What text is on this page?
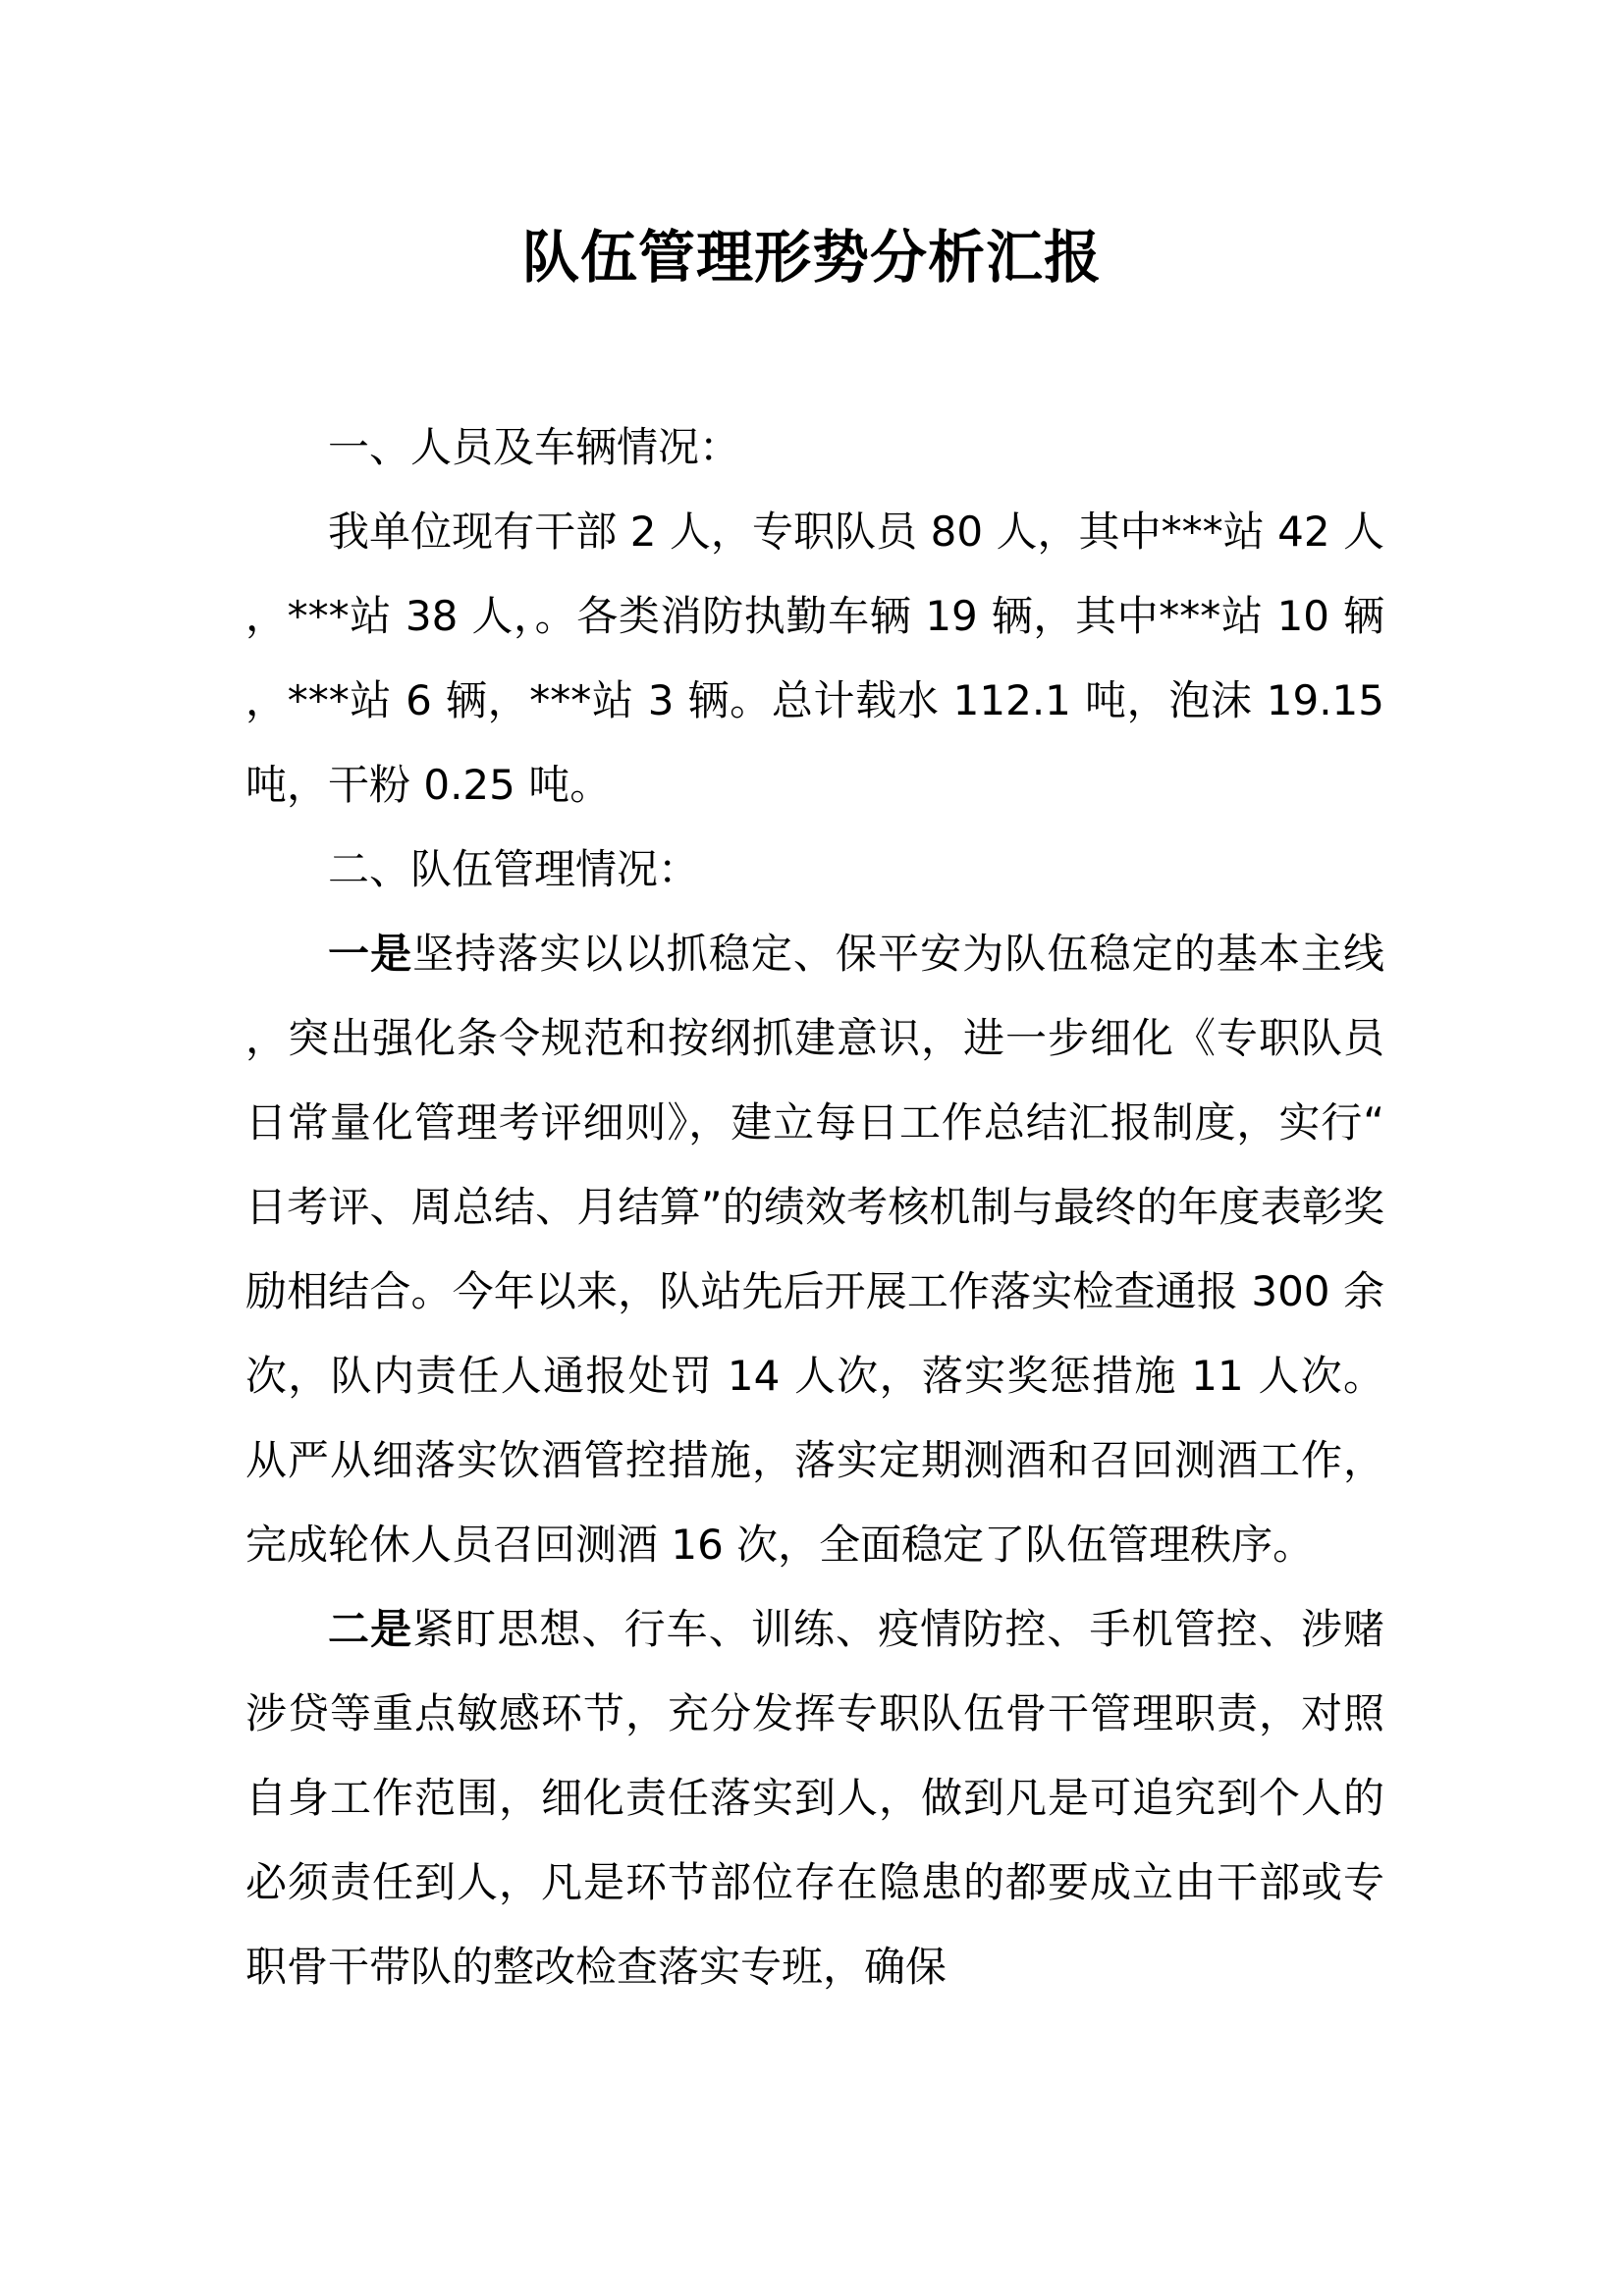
队伍管理形势分析汇报

一、人员及车辆情况：

我单位现有干部 2 人，专职队员 80 人，其中***站 42 人，***站 38 人，。各类消防执勤车辆 19 辆，其中***站 10 辆，***站 6 辆，***站 3 辆。总计载水 112.1 吨，泡沫 19.15 吨，干粉 0.25 吨。

二、队伍管理情况：

一是坚持落实以以抓稳定、保平安为队伍稳定的基本主线，突出强化条令规范和按纲抓建意识，进一步细化《专职队员日常量化管理考评细则》，建立每日工作总结汇报制度，实行“日考评、周总结、月结算”的绩效考核机制与最终的年度表彰奖励相结合。今年以来，队站先后开展工作落实检查通报 300 余次，队内责任人通报处罚 14 人次，落实奖惩措施 11 人次。从严从细落实饮酒管控措施，落实定期测酒和召回测酒工作，完成轮休人员召回测酒 16 次，全面稳定了队伍管理秩序。

二是紧盯思想、行车、训练、疫情防控、手机管控、涉赌涉贷等重点敏感环节，充分发挥专职队伍骨干管理职责，对照自身工作范围，细化责任落实到人，做到凡是可追究到个人的必须责任到人，凡是环节部位存在隐患的都要成立由干部或专职骨干带队的整改检查落实专班，确保
